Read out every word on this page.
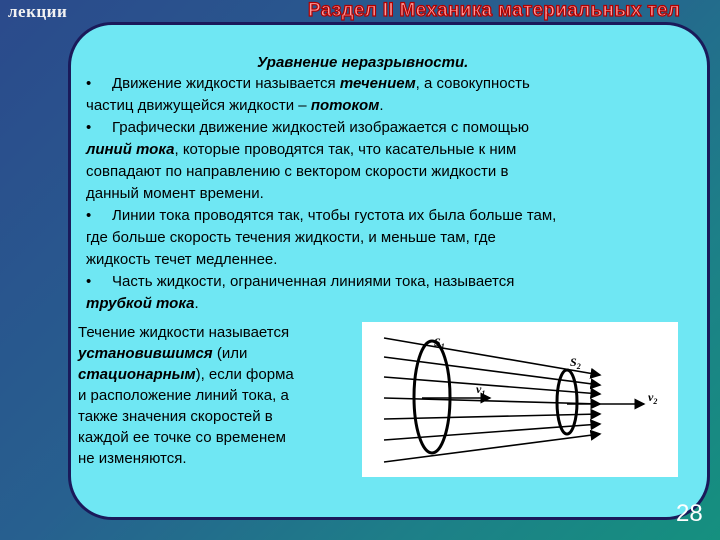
лекции	Раздел II Механика материальных тел
Уравнение неразрывности.
• Движение жидкости называется течением, а совокупность
частиц движущейся жидкости – потоком.
• Графически движение жидкостей изображается с помощью
линий тока, которые проводятся так, что касательные к ним
совпадают по направлению с вектором скорости жидкости в
данный момент времени.
• Линии тока проводятся так, чтобы густота их была больше там,
где больше скорость течения жидкости, и меньше там, где
жидкость течет медленнее.
• Часть жидкости, ограниченная линиями тока, называется
трубкой тока.
Течение жидкости называется
установившимся (или
стационарным), если форма
и расположение линий тока, а
также значения скоростей в
каждой ее точке со временем
не изменяются.
$S_1$
$S_2$
$v_1$	$v_2$
28
